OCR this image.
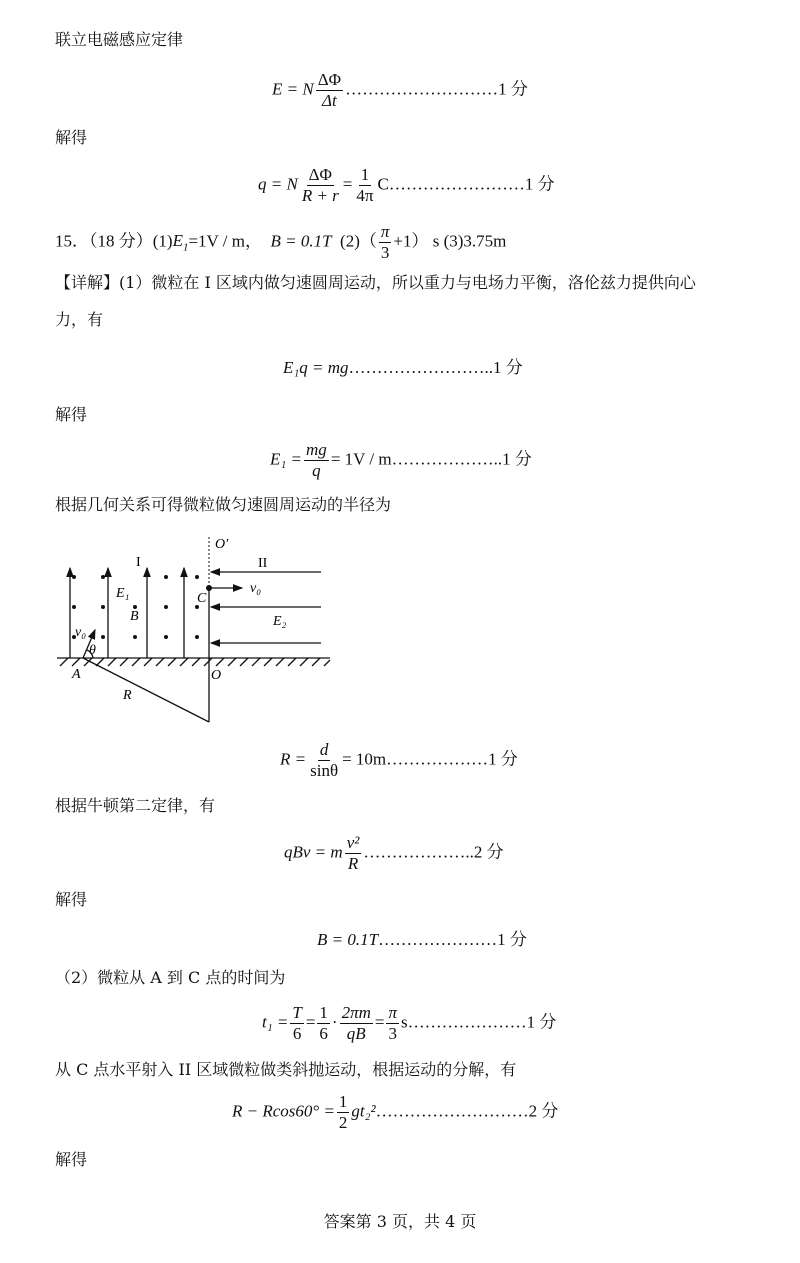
联立电磁感应定律
E = N $\frac{\Delta\Phi}{\Delta t}$ ………………………1 分
解得
q = N $\frac{\Delta\Phi}{R + r} = \frac{1}{4\pi}$ C……………………1 分
15．（18 分）$(1)E_1=1V / m$， B = 0.1T $(2)( \frac{\pi}{3} +1)$ s (3)3.75m
【详解】(1）微粒在 I 区域内做匀速圆周运动，所以重力与电场力平衡，洛伦兹力提供向心
力，有
E₁q = mg……………………..1 分
解得
$E_1 = \frac{mg}{q} = 1V$ / m………………..1 分
根据几何关系可得微粒做匀速圆周运动的半径为
O′
I	II
E₁
B
C
v₀
E₂
v₀
θ
A	O
R
$R = \frac{d}{\sin\theta}$ = 10m………………1 分
根据牛顿第二定律，有
qBv = m $\frac{\text{v²}}{R}$ ………………..2 分
解得
B = 0.1T…………………1 分
（2）微粒从 A 到 C 点的时间为
$t_1 = \frac{T}{6} = \frac{1}{6} \cdot \frac{2\pi m}{qB} = \frac{\pi}{3}$ s…………………1 分
从 C 点水平射入 II 区域微粒做类斜抛运动，根据运动的分解，有
$R - Rcos60^\circ = \frac{1}{2}$ gt₂²………………………2 分
解得
答案第 3 页，共 4 页
